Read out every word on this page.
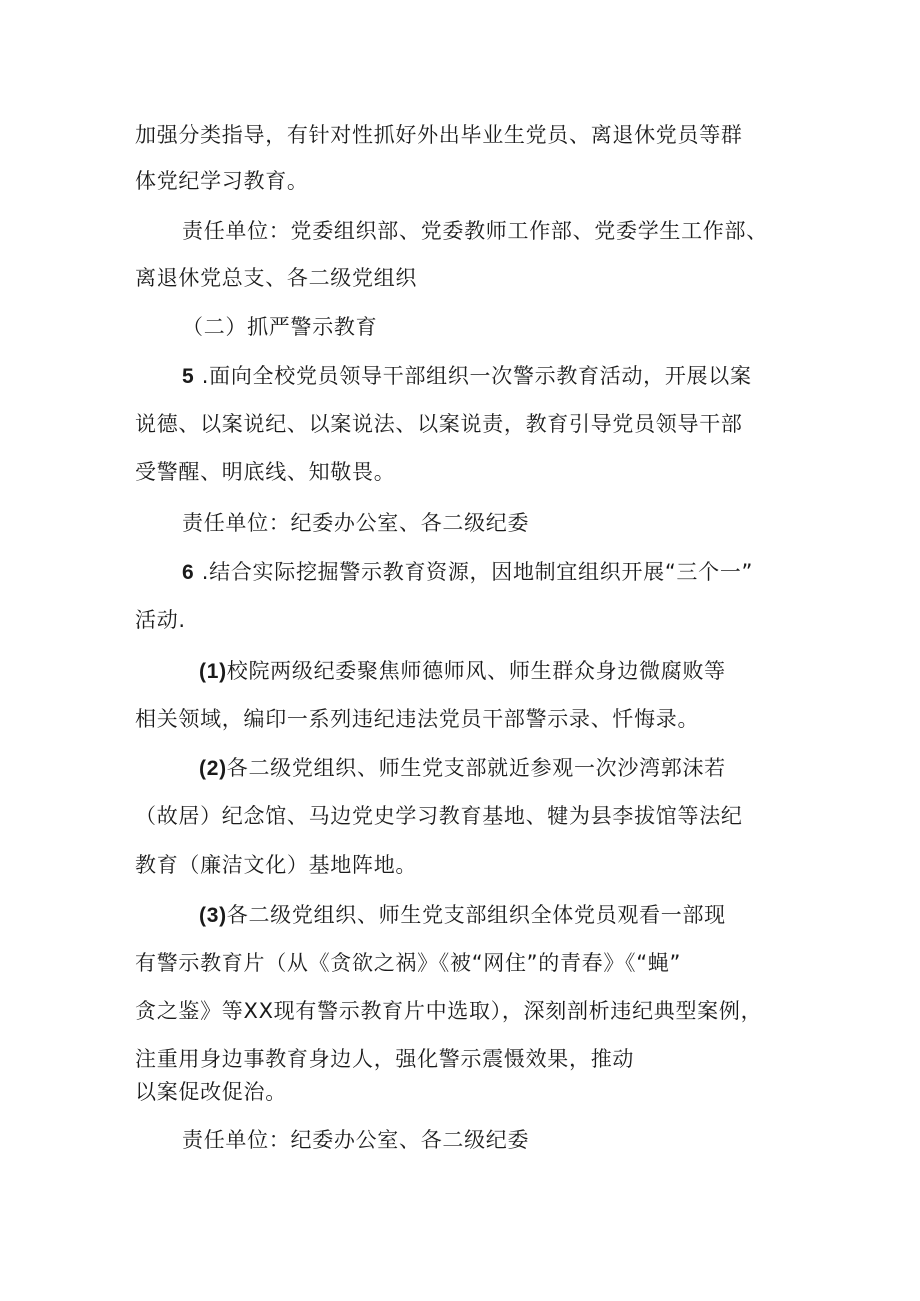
加强分类指导，有针对性抓好外出毕业生党员、离退休党员等群
体党纪学习教育。
责任单位：党委组织部、党委教师工作部、党委学生工作部、
离退休党总支、各二级党组织
（二）抓严警示教育
5 .面向全校党员领导干部组织一次警示教育活动，开展以案
说德、以案说纪、以案说法、以案说责，教育引导党员领导干部
受警醒、明底线、知敬畏。
责任单位：纪委办公室、各二级纪委
6 .结合实际挖掘警示教育资源，因地制宜组织开展“三个一”
活动.
(1)校院两级纪委聚焦师德师风、师生群众身边微腐败等
相关领域，编印一系列违纪违法党员干部警示录、忏悔录。
(2)各二级党组织、师生党支部就近参观一次沙湾郭沫若
（故居）纪念馆、马边党史学习教育基地、犍为县李拔馆等法纪
教育（廉洁文化）基地阵地。
(3)各二级党组织、师生党支部组织全体党员观看一部现
有警示教育片（从《贪欲之祸》《被“网住”的青春》《“蝇”
贪之鉴》等XX现有警示教育片中选取），深刻剖析违纪典型案例，
注重用身边事教育身边人，强化警示震慑效果，推动
以案促改促治。
责任单位：纪委办公室、各二级纪委
